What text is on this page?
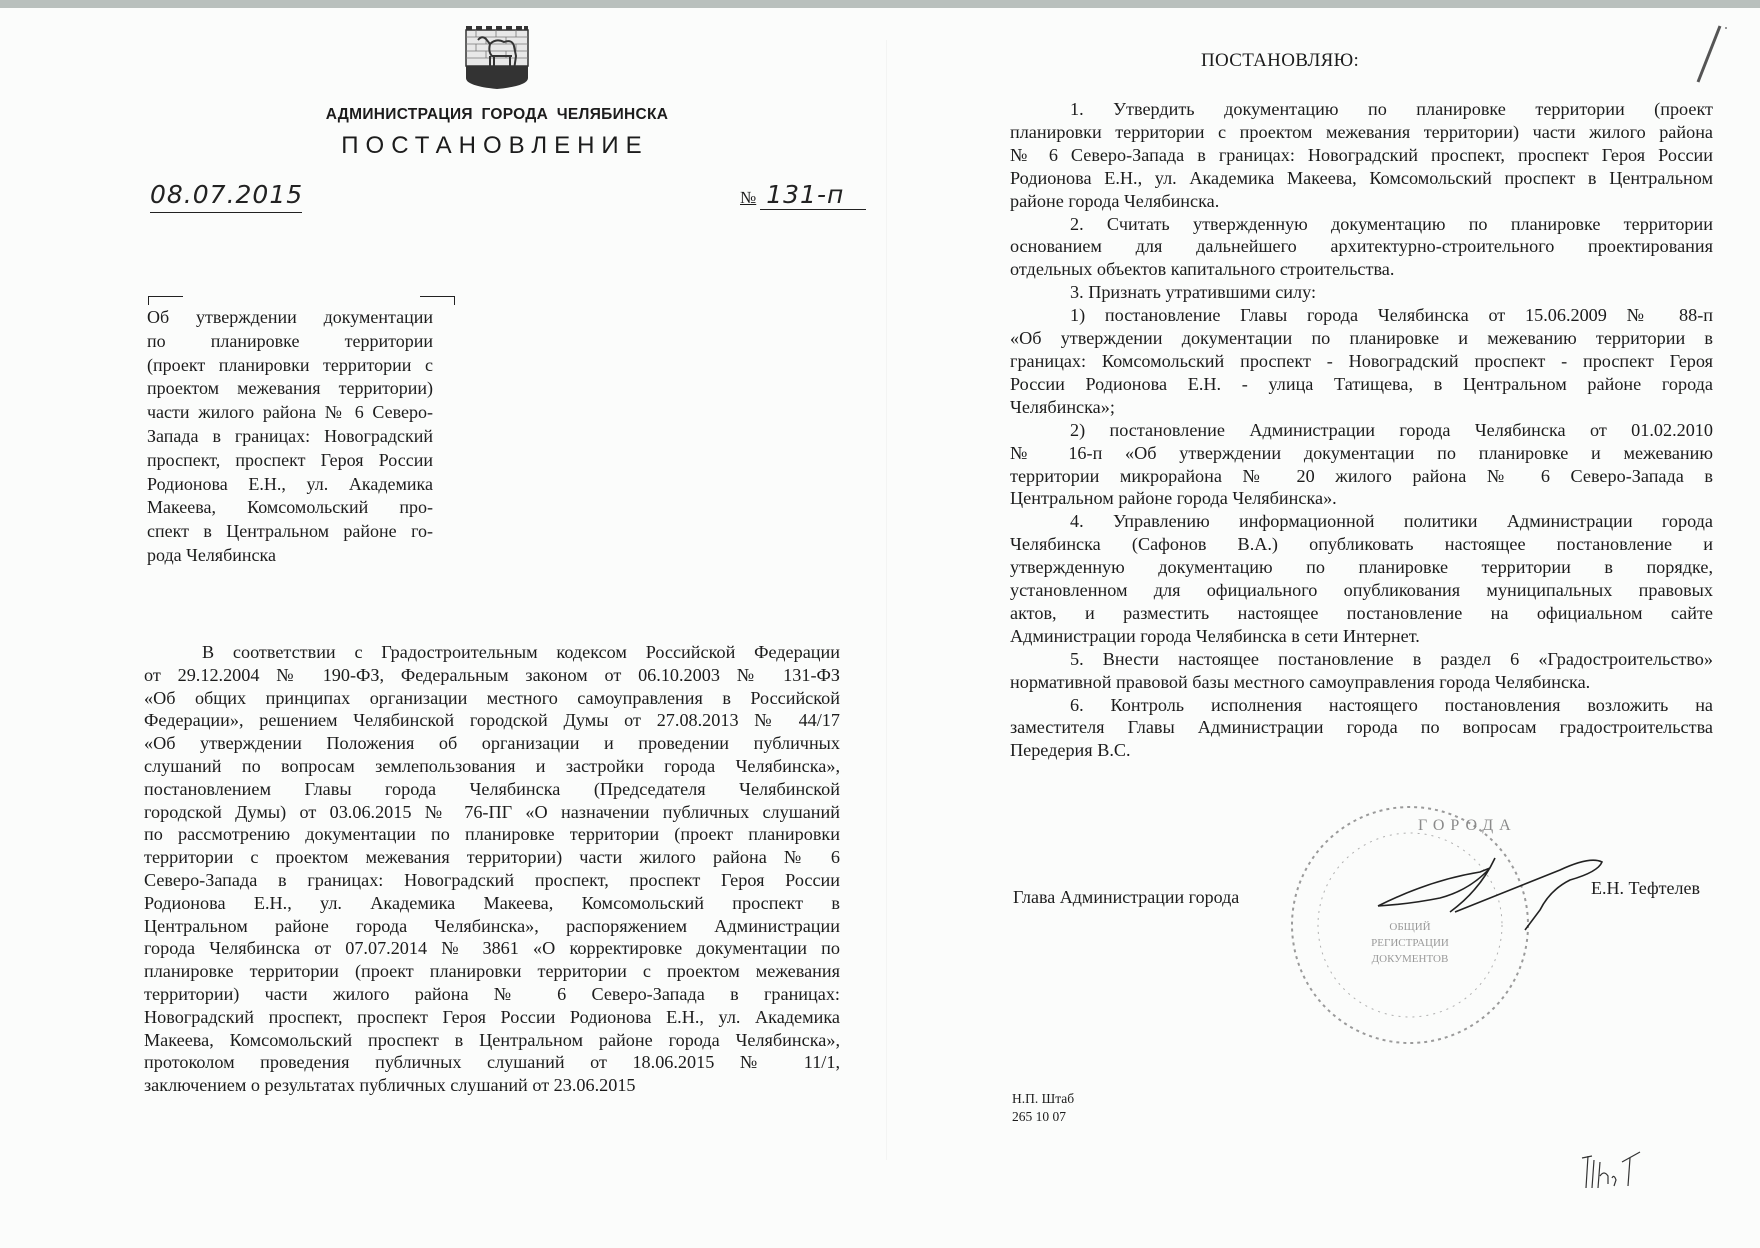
АДМИНИСТРАЦИЯ ГОРОДА ЧЕЛЯБИНСКА
ПОСТАНОВЛЕНИЕ
08.07.2015	№ 131-п
Об утверждении документации
по планировке территории
(проект планировки территории с
проектом межевания территории)
части жилого района № 6 Северо-
Запада в границах: Новоградский
проспект, проспект Героя России
Родионова Е.Н., ул. Академика
Макеева, Комсомольский про-
спект в Центральном районе го-
рода Челябинска
В соответствии с Градостроительным кодексом Российской Федерации
от 29.12.2004 № 190-ФЗ, Федеральным законом от 06.10.2003 № 131-ФЗ
«Об общих принципах организации местного самоуправления в Российской
Федерации», решением Челябинской городской Думы от 27.08.2013 № 44/17
«Об утверждении Положения об организации и проведении публичных
слушаний по вопросам землепользования и застройки города Челябинска»,
постановлением Главы города Челябинска (Председателя Челябинской
городской Думы) от 03.06.2015 № 76-ПГ «О назначении публичных слушаний
по рассмотрению документации по планировке территории (проект планировки
территории с проектом межевания территории) части жилого района № 6
Северо-Запада в границах: Новоградский проспект, проспект Героя России
Родионова Е.Н., ул. Академика Макеева, Комсомольский проспект в
Центральном районе города Челябинска», распоряжением Администрации
города Челябинска от 07.07.2014 № 3861 «О корректировке документации по
планировке территории (проект планировки территории с проектом межевания
территории) части жилого района № 6 Северо-Запада в границах:
Новоградский проспект, проспект Героя России Родионова Е.Н., ул. Академика
Макеева, Комсомольский проспект в Центральном районе города Челябинска»,
протоколом проведения публичных слушаний от 18.06.2015 № 11/1,
заключением о результатах публичных слушаний от 23.06.2015
ПОСТАНОВЛЯЮ:
1. Утвердить документацию по планировке территории (проект
планировки территории с проектом межевания территории) части жилого района
№ 6 Северо-Запада в границах: Новоградский проспект, проспект Героя России
Родионова Е.Н., ул. Академика Макеева, Комсомольский проспект в Центральном
районе города Челябинска.
2. Считать утвержденную документацию по планировке территории
основанием для дальнейшего архитектурно-строительного проектирования
отдельных объектов капитального строительства.
3. Признать утратившими силу:
1) постановление Главы города Челябинска от 15.06.2009 № 88-п
«Об утверждении документации по планировке и межеванию территории в
границах: Комсомольский проспект - Новоградский проспект - проспект Героя
России Родионова Е.Н. - улица Татищева, в Центральном районе города
Челябинска»;
2) постановление Администрации города Челябинска от 01.02.2010
№ 16-п «Об утверждении документации по планировке и межеванию
территории микрорайона № 20 жилого района № 6 Северо-Запада в
Центральном районе города Челябинска».
4. Управлению информационной политики Администрации города
Челябинска (Сафонов В.А.) опубликовать настоящее постановление и
утвержденную документацию по планировке территории в порядке,
установленном для официального опубликования муниципальных правовых
актов, и разместить настоящее постановление на официальном сайте
Администрации города Челябинска в сети Интернет.
5. Внести настоящее постановление в раздел 6 «Градостроительство»
нормативной правовой базы местного самоуправления города Челябинска.
6. Контроль исполнения настоящего постановления возложить на
заместителя Главы Администрации города по вопросам градостроительства
Передерия В.С.
ГОРОДА
ОБЩИЙ
РЕГИСТРАЦИИ
ДОКУМЕНТОВ
Глава Администрации города	Е.Н. Тефтелев
Н.П. Штаб
265 10 07
